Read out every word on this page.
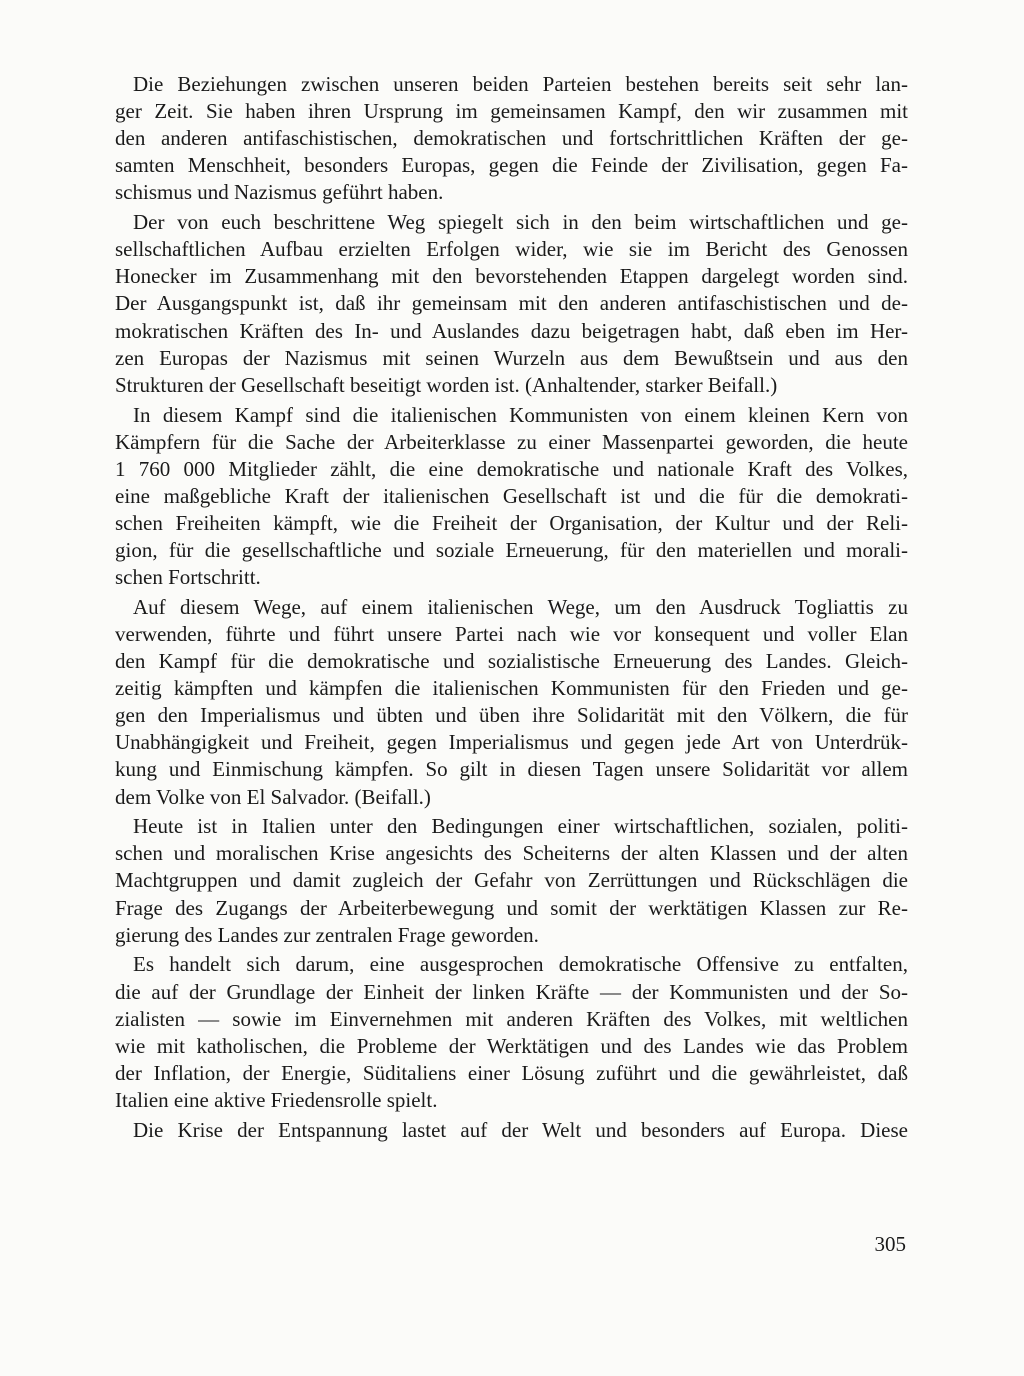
Die Beziehungen zwischen unseren beiden Parteien bestehen bereits seit sehr lan-
ger Zeit. Sie haben ihren Ursprung im gemeinsamen Kampf, den wir zusammen mit
den anderen antifaschistischen, demokratischen und fortschrittlichen Kräften der ge-
samten Menschheit, besonders Europas, gegen die Feinde der Zivilisation, gegen Fa-
schismus und Nazismus geführt haben.
Der von euch beschrittene Weg spiegelt sich in den beim wirtschaftlichen und ge-
sellschaftlichen Aufbau erzielten Erfolgen wider, wie sie im Bericht des Genossen
Honecker im Zusammenhang mit den bevorstehenden Etappen dargelegt worden sind.
Der Ausgangspunkt ist, daß ihr gemeinsam mit den anderen antifaschistischen und de-
mokratischen Kräften des In- und Auslandes dazu beigetragen habt, daß eben im Her-
zen Europas der Nazismus mit seinen Wurzeln aus dem Bewußtsein und aus den
Strukturen der Gesellschaft beseitigt worden ist. (Anhaltender, starker Beifall.)
In diesem Kampf sind die italienischen Kommunisten von einem kleinen Kern von
Kämpfern für die Sache der Arbeiterklasse zu einer Massenpartei geworden, die heute
1 760 000 Mitglieder zählt, die eine demokratische und nationale Kraft des Volkes,
eine maßgebliche Kraft der italienischen Gesellschaft ist und die für die demokrati-
schen Freiheiten kämpft, wie die Freiheit der Organisation, der Kultur und der Reli-
gion, für die gesellschaftliche und soziale Erneuerung, für den materiellen und morali-
schen Fortschritt.
Auf diesem Wege, auf einem italienischen Wege, um den Ausdruck Togliattis zu
verwenden, führte und führt unsere Partei nach wie vor konsequent und voller Elan
den Kampf für die demokratische und sozialistische Erneuerung des Landes. Gleich-
zeitig kämpften und kämpfen die italienischen Kommunisten für den Frieden und ge-
gen den Imperialismus und übten und üben ihre Solidarität mit den Völkern, die für
Unabhängigkeit und Freiheit, gegen Imperialismus und gegen jede Art von Unterdrük-
kung und Einmischung kämpfen. So gilt in diesen Tagen unsere Solidarität vor allem
dem Volke von El Salvador. (Beifall.)
Heute ist in Italien unter den Bedingungen einer wirtschaftlichen, sozialen, politi-
schen und moralischen Krise angesichts des Scheiterns der alten Klassen und der alten
Machtgruppen und damit zugleich der Gefahr von Zerrüttungen und Rückschlägen die
Frage des Zugangs der Arbeiterbewegung und somit der werktätigen Klassen zur Re-
gierung des Landes zur zentralen Frage geworden.
Es handelt sich darum, eine ausgesprochen demokratische Offensive zu entfalten,
die auf der Grundlage der Einheit der linken Kräfte — der Kommunisten und der So-
zialisten — sowie im Einvernehmen mit anderen Kräften des Volkes, mit weltlichen
wie mit katholischen, die Probleme der Werktätigen und des Landes wie das Problem
der Inflation, der Energie, Süditaliens einer Lösung zuführt und die gewährleistet, daß
Italien eine aktive Friedensrolle spielt.
Die Krise der Entspannung lastet auf der Welt und besonders auf Europa. Diese
305
